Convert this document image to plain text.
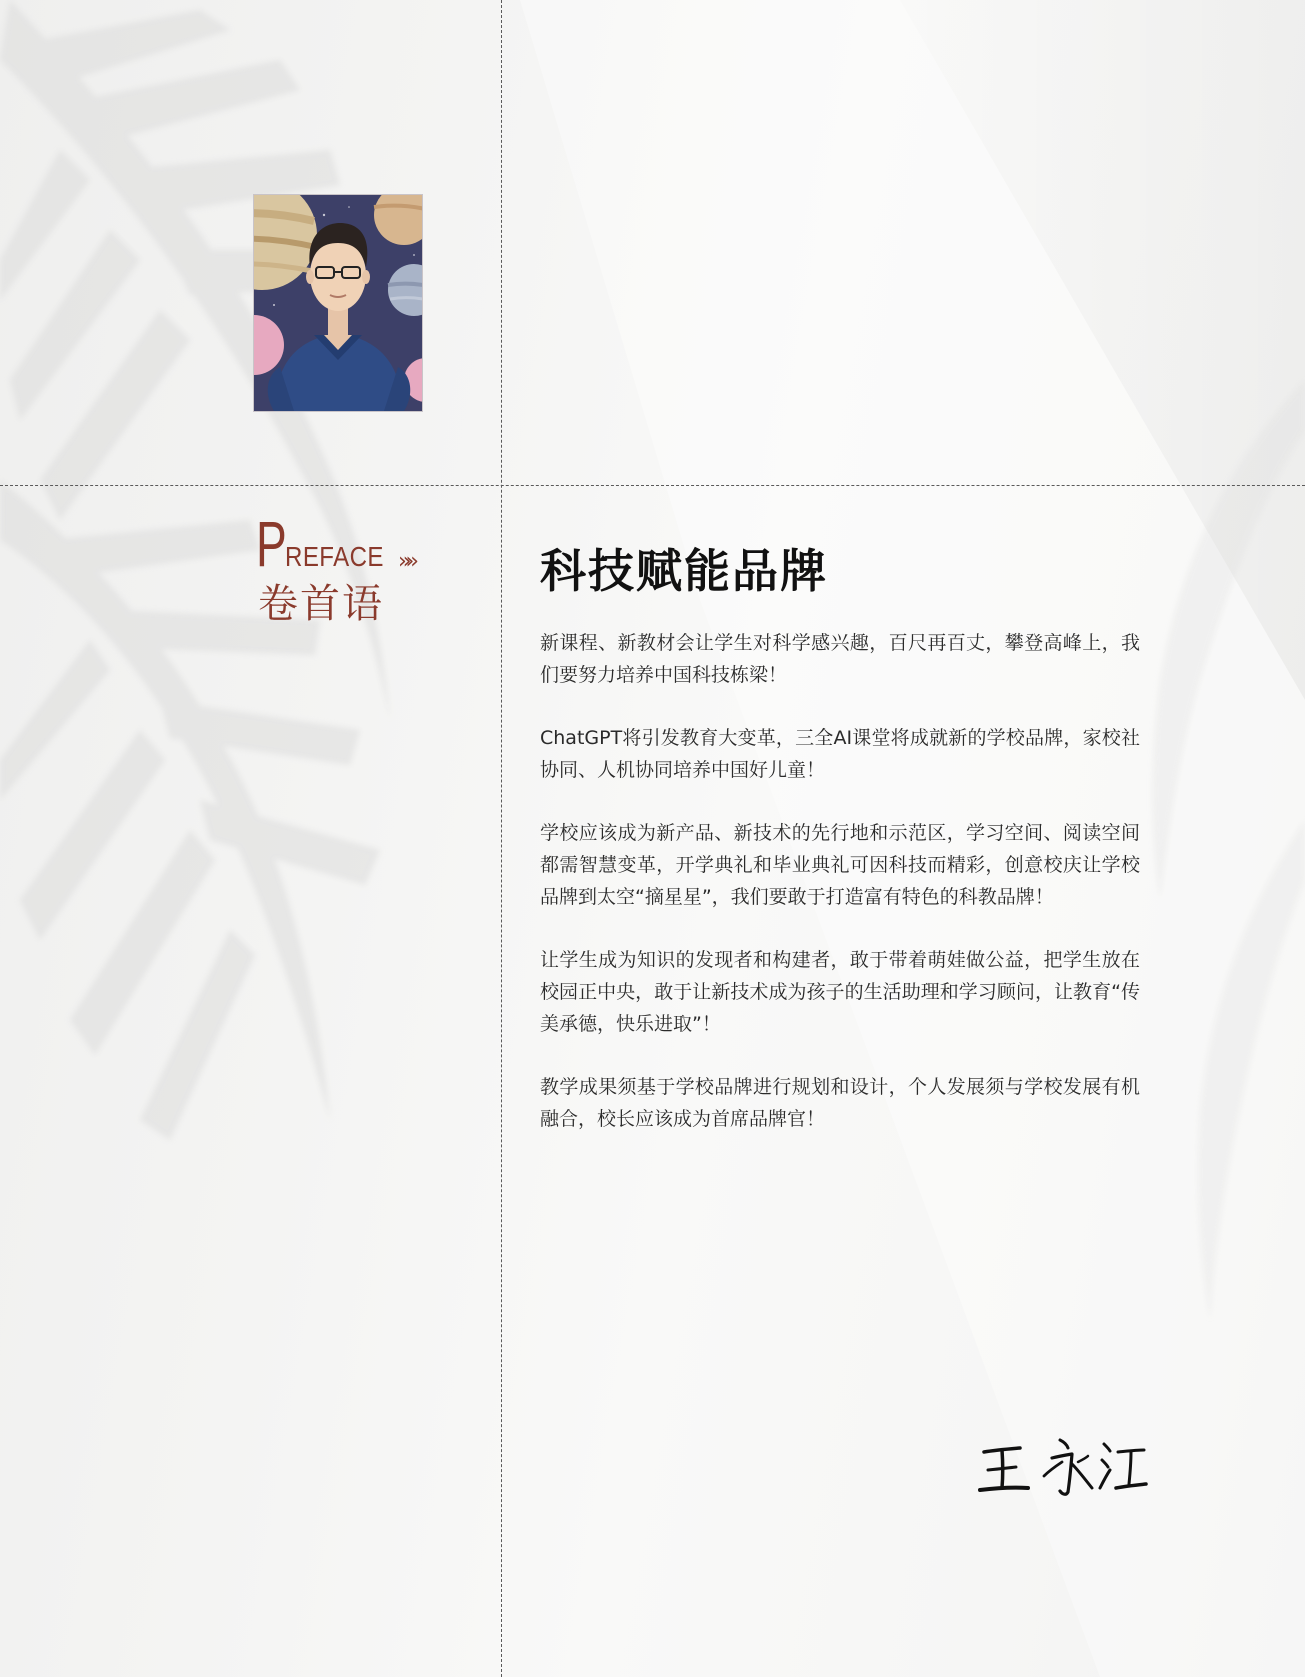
PREFACE »»
卷首语
科技赋能品牌

新课程、新教材会让学生对科学感兴趣，百尺再百丈，攀登高峰上，我们要努力培养中国科技栋梁！

ChatGPT将引发教育大变革，三全AI课堂将成就新的学校品牌，家校社协同、人机协同培养中国好儿童！

学校应该成为新产品、新技术的先行地和示范区，学习空间、阅读空间都需智慧变革，开学典礼和毕业典礼可因科技而精彩，创意校庆让学校品牌到太空“摘星星”，我们要敢于打造富有特色的科教品牌！

让学生成为知识的发现者和构建者，敢于带着萌娃做公益，把学生放在校园正中央，敢于让新技术成为孩子的生活助理和学习顾问，让教育“传美承德，快乐进取”！

教学成果须基于学校品牌进行规划和设计，个人发展须与学校发展有机融合，校长应该成为首席品牌官！
